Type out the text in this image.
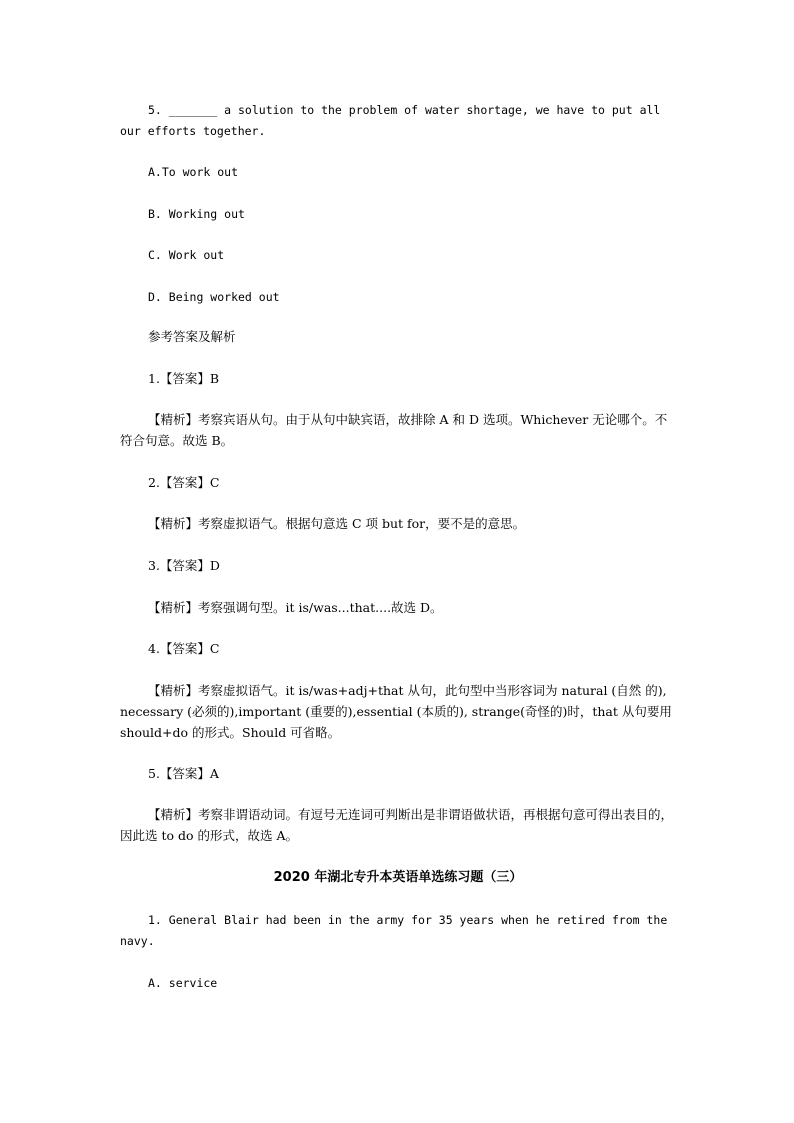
5. _______ a solution to the problem of water shortage, we have to put all our efforts together.

A.To work out

B. Working out

C. Work out

D. Being worked out

参考答案及解析

1.【答案】B

【精析】考察宾语从句。由于从句中缺宾语，故排除 A 和 D 选项。Whichever 无论哪个。不符合句意。故选 B。

2.【答案】C

【精析】考察虚拟语气。根据句意选 C 项 but for，要不是的意思。

3.【答案】D

【精析】考察强调句型。it is/was...that....故选 D。

4.【答案】C

【精析】考察虚拟语气。it is/was+adj+that 从句，此句型中当形容词为 natural (自然 的), necessary (必须的),important (重要的),essential (本质的), strange(奇怪的)时，that 从句要用 should+do 的形式。Should 可省略。

5.【答案】A

【精析】考察非谓语动词。有逗号无连词可判断出是非谓语做状语，再根据句意可得出表目的，因此选 to do 的形式，故选 A。

2020 年湖北专升本英语单选练习题（三）

1. General Blair had been in the army for 35 years when he retired from the navy.

A. service
